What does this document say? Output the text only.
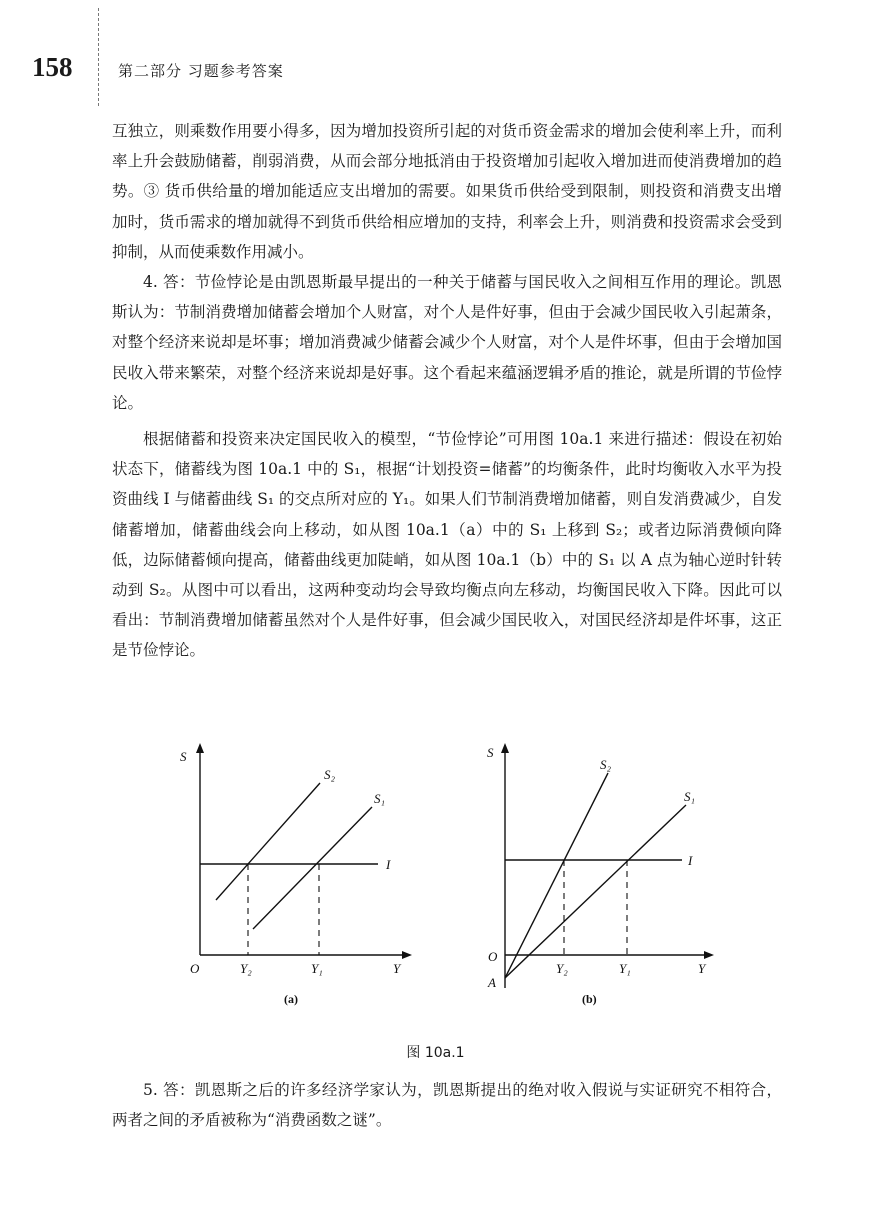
158	第二部分 习题参考答案

互独立，则乘数作用要小得多，因为增加投资所引起的对货币资金需求的增加会使利率上升，而利率上升会鼓励储蓄，削弱消费，从而会部分地抵消由于投资增加引起收入增加进而使消费增加的趋势。③ 货币供给量的增加能适应支出增加的需要。如果货币供给受到限制，则投资和消费支出增加时，货币需求的增加就得不到货币供给相应增加的支持，利率会上升，则消费和投资需求会受到抑制，从而使乘数作用减小。

4. 答：节俭悖论是由凯恩斯最早提出的一种关于储蓄与国民收入之间相互作用的理论。凯恩斯认为：节制消费增加储蓄会增加个人财富，对个人是件好事，但由于会减少国民收入引起萧条，对整个经济来说却是坏事；增加消费减少储蓄会减少个人财富，对个人是件坏事，但由于会增加国民收入带来繁荣，对整个经济来说却是好事。这个看起来蕴涵逻辑矛盾的推论，就是所谓的节俭悖论。

根据储蓄和投资来决定国民收入的模型，“节俭悖论”可用图 10a.1 来进行描述：假设在初始状态下，储蓄线为图 10a.1 中的 S₁，根据“计划投资=储蓄”的均衡条件，此时均衡收入水平为投资曲线 I 与储蓄曲线 S₁ 的交点所对应的 Y₁。如果人们节制消费增加储蓄，则自发消费减少，自发储蓄增加，储蓄曲线会向上移动，如从图 10a.1（a）中的 S₁ 上移到 S₂；或者边际消费倾向降低，边际储蓄倾向提高，储蓄曲线更加陡峭，如从图 10a.1（b）中的 S₁ 以 A 点为轴心逆时针转动到 S₂。从图中可以看出，这两种变动均会导致均衡点向左移动，均衡国民收入下降。因此可以看出：节制消费增加储蓄虽然对个人是件好事，但会减少国民收入，对国民经济却是件坏事，这正是节俭悖论。

S
O	Y
S₂
S₁
I
Y₂	Y₁
(a)
S
O
A
Y
S₂
S₁
I
Y₂	Y₁
(b)
图 10a.1

5. 答：凯恩斯之后的许多经济学家认为，凯恩斯提出的绝对收入假说与实证研究不相符合，两者之间的矛盾被称为“消费函数之谜”。
